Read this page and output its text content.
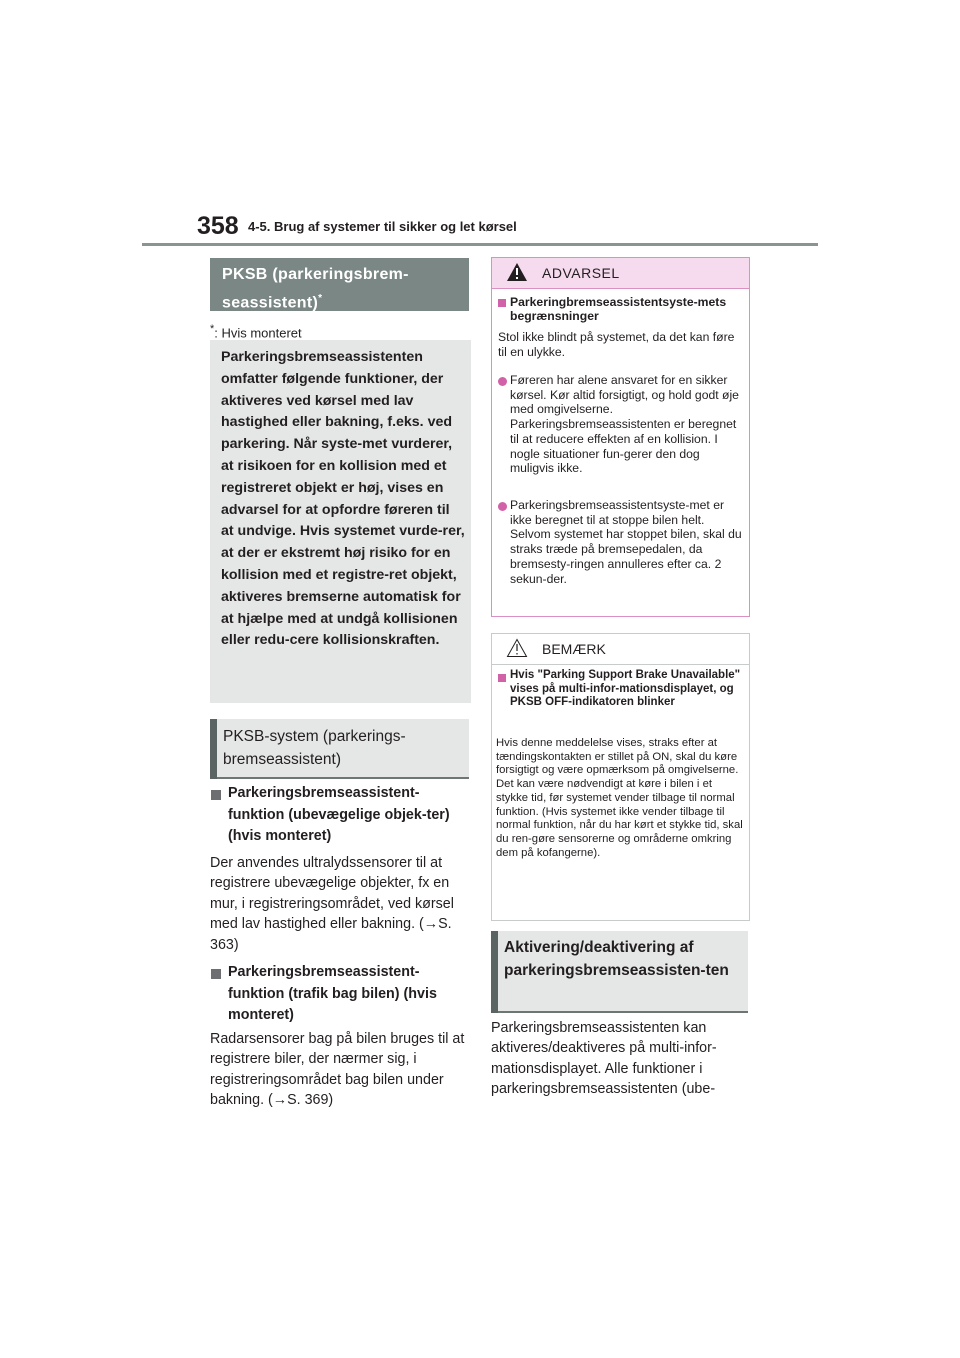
358 4-5. Brug af systemer til sikker og let kørsel
PKSB (parkeringsbrem-
seassistent)*
*: Hvis monteret
Parkeringsbremseassistenten omfatter følgende funktioner, der aktiveres ved kørsel med lav hastighed eller bakning, f.eks. ved parkering. Når syste-met vurderer, at risikoen for en kollision med et registreret objekt er høj, vises en advarsel for at opfordre føreren til at undvige. Hvis systemet vurde-rer, at der er ekstremt høj risiko for en kollision med et registre-ret objekt, aktiveres bremserne automatisk for at hjælpe med at undgå kollisionen eller redu-cere kollisionskraften.
PKSB-system (parkerings-
bremseassistent)
Parkeringsbremseassistent-funktion (ubevægelige objek-ter) (hvis monteret)
Der anvendes ultralydssensorer til at registrere ubevægelige objekter, fx en mur, i registreringsområdet, ved kørsel med lav hastighed eller bakning. (→S. 363)
Parkeringsbremseassistent-funktion (trafik bag bilen) (hvis monteret)
Radarsensorer bag på bilen bruges til at registrere biler, der nærmer sig, i registreringsområdet bag bilen under bakning. (→S. 369)
ADVARSEL
Parkeringbremseassistentsyste-mets begrænsninger
Stol ikke blindt på systemet, da det kan føre til en ulykke.
Føreren har alene ansvaret for en sikker kørsel. Kør altid forsigtigt, og hold godt øje med omgivelserne. Parkeringsbremseassistenten er beregnet til at reducere effekten af en kollision. I nogle situationer fun-gerer den dog muligvis ikke.
Parkeringsbremseassistentsyste-met er ikke beregnet til at stoppe bilen helt. Selvom systemet har stoppet bilen, skal du straks træde på bremsepedalen, da bremsesty-ringen annulleres efter ca. 2 sekun-der.
BEMÆRK
Hvis "Parking Support Brake Unavailable" vises på multi-infor-mationsdisplayet, og PKSB OFF-indikatoren blinker
Hvis denne meddelelse vises, straks efter at tændingskontakten er stillet på ON, skal du køre forsigtigt og være opmærksom på omgivelserne. Det kan være nødvendigt at køre i bilen i et stykke tid, før systemet vender tilbage til normal funktion. (Hvis systemet ikke vender tilbage til normal funktion, når du har kørt et stykke tid, skal du ren-gøre sensorerne og områderne omkring dem på kofangerne).
Aktivering/deaktivering af parkeringsbremseassisten-ten
Parkeringsbremseassistenten kan aktiveres/deaktiveres på multi-infor-mationsdisplayet. Alle funktioner i parkeringsbremseassistenten (ube-
